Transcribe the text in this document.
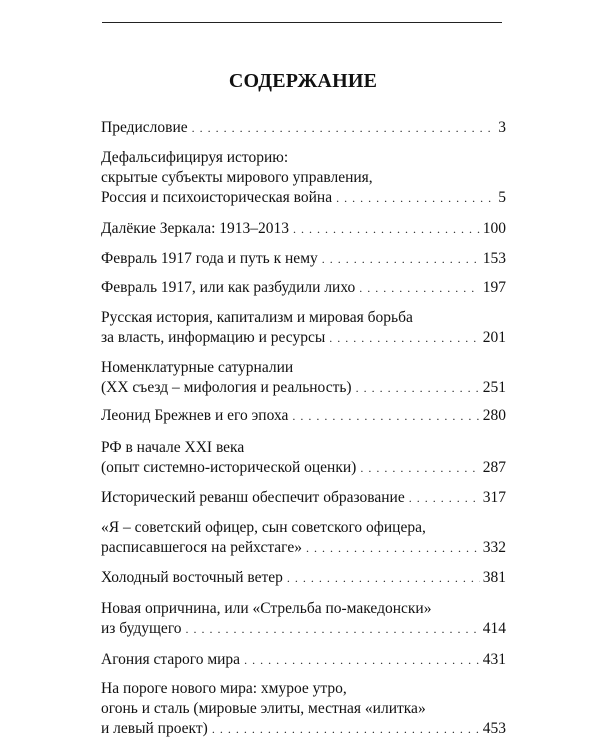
СОДЕРЖАНИЕ
Предисловие . . .	3
Дефальсифицируя историю:
скрытые субъекты мирового управления,
Россия и психоисторическая война . . .	5
Далёкие Зеркала: 1913–2013 . . .	100
Февраль 1917 года и путь к нему . . .	153
Февраль 1917, или как разбудили лихо . . .	197
Русская история, капитализм и мировая борьба
за власть, информацию и ресурсы . . .	201
Номенклатурные сатурналии
(ХХ съезд – мифология и реальность) . . .	251
Леонид Брежнев и его эпоха . . .	280
РФ в начале XXI века
(опыт системно-исторической оценки) . . .	287
Исторический реванш обеспечит образование . . .	317
«Я – советский офицер, сын советского офицера,
расписавшегося на рейхстаге» . . .	332
Холодный восточный ветер . . .	381
Новая опричнина, или «Стрельба по-македонски»
из будущего . . .	414
Агония старого мира . . .	431
На пороге нового мира: хмурое утро,
огонь и сталь (мировые элиты, местная «илитка»
и левый проект) . . .	453
